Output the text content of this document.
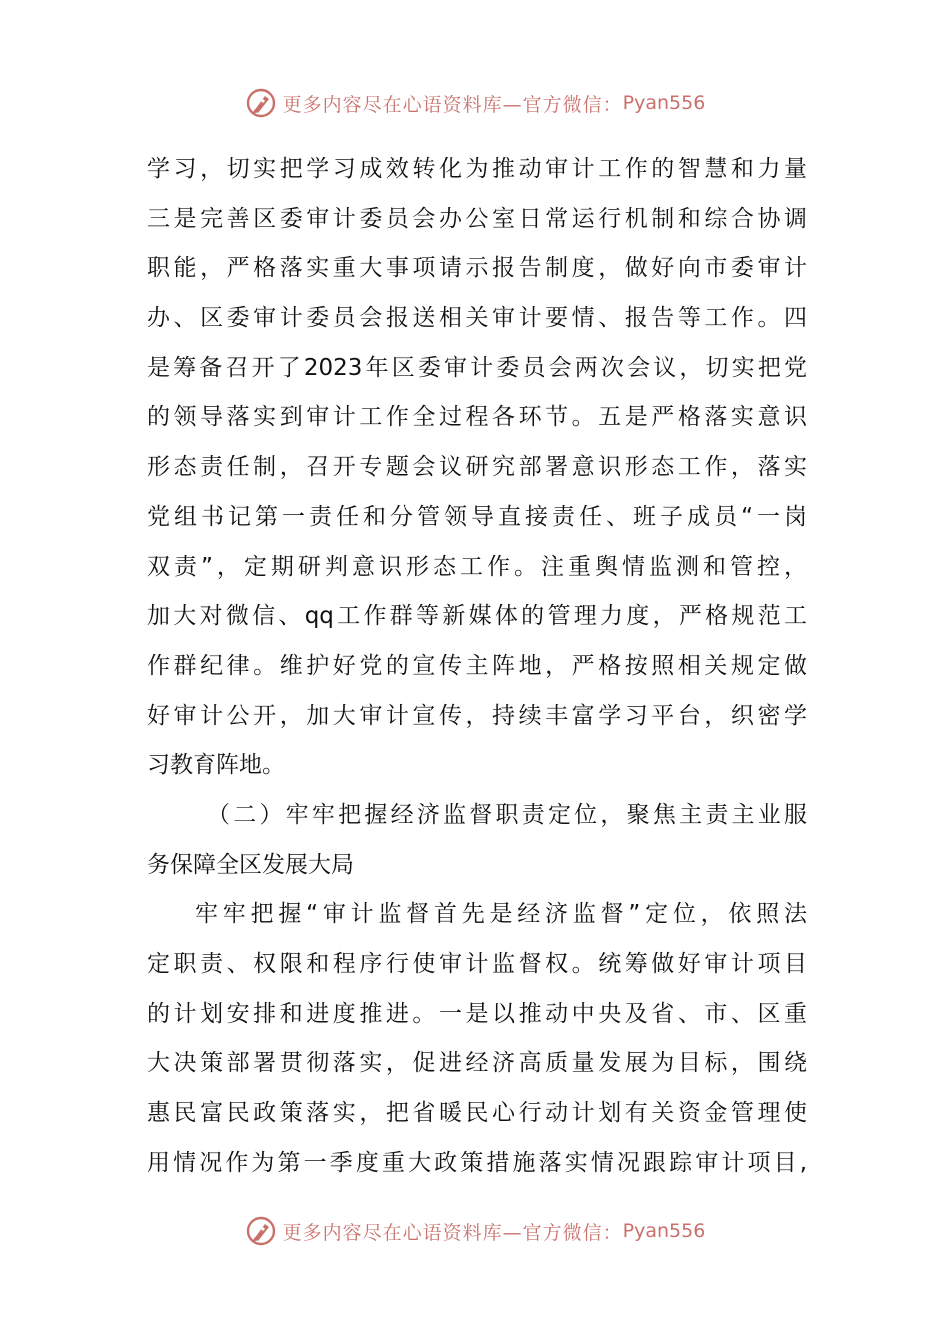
更多内容尽在心语资料库—官方微信： Pyan556
学习，切实把学习成效转化为推动审计工作的智慧和力量
三是完善区委审计委员会办公室日常运行机制和综合协调
职能，严格落实重大事项请示报告制度，做好向市委审计
办、区委审计委员会报送相关审计要情、报告等工作。四
是筹备召开了2023年区委审计委员会两次会议，切实把党
的领导落实到审计工作全过程各环节。五是严格落实意识
形态责任制，召开专题会议研究部署意识形态工作，落实
党组书记第一责任和分管领导直接责任、班子成员“一岗
双责”，定期研判意识形态工作。注重舆情监测和管控，
加大对微信、qq工作群等新媒体的管理力度，严格规范工
作群纪律。维护好党的宣传主阵地，严格按照相关规定做
好审计公开，加大审计宣传，持续丰富学习平台，织密学
习教育阵地。
（二）牢牢把握经济监督职责定位，聚焦主责主业服
务保障全区发展大局
牢牢把握“审计监督首先是经济监督”定位，依照法
定职责、权限和程序行使审计监督权。统筹做好审计项目
的计划安排和进度推进。一是以推动中央及省、市、区重
大决策部署贯彻落实，促进经济高质量发展为目标，围绕
惠民富民政策落实，把省暖民心行动计划有关资金管理使
用情况作为第一季度重大政策措施落实情况跟踪审计项目,
更多内容尽在心语资料库—官方微信： Pyan556
